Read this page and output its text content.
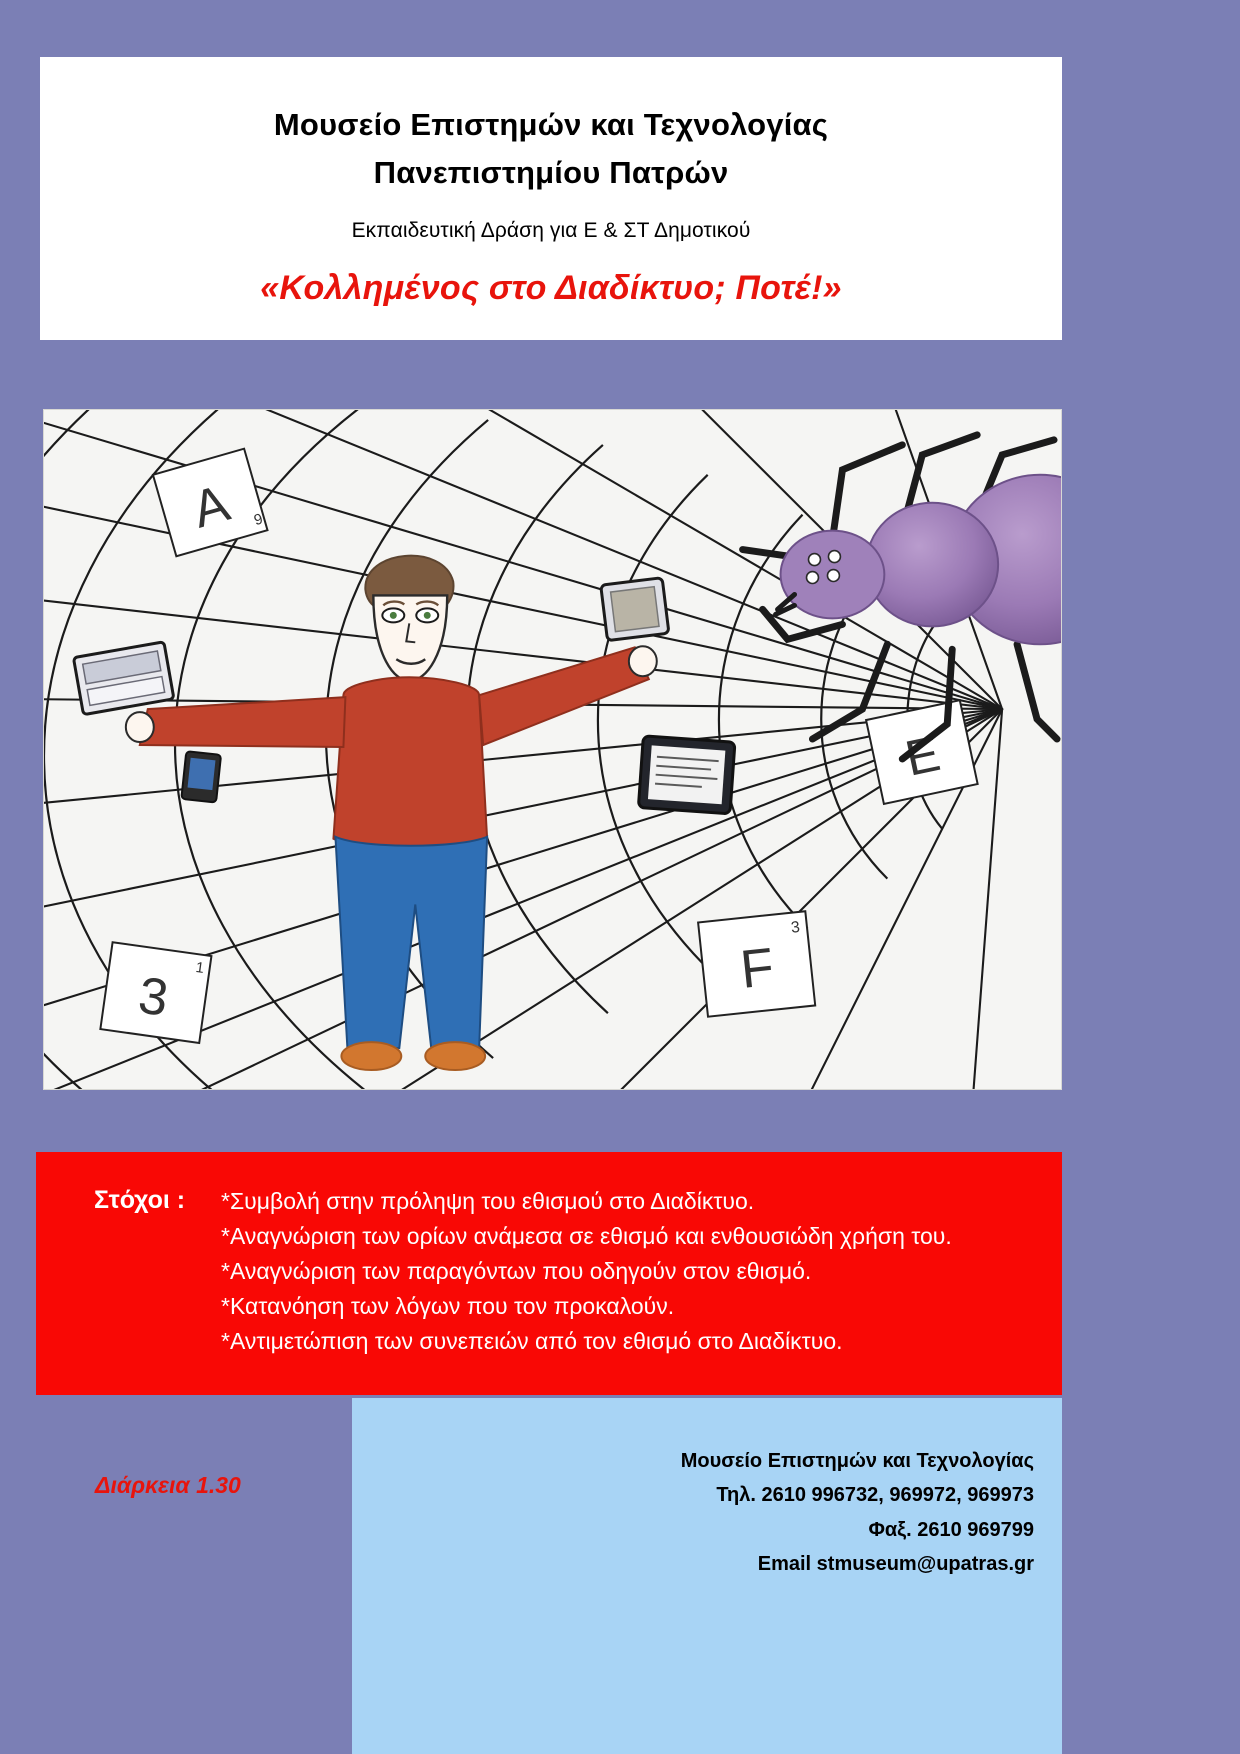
Μουσείο Επιστημών και Τεχνολογίας
Πανεπιστημίου Πατρών
Εκπαιδευτική Δράση για Ε & ΣΤ Δημοτικού
«Κολλημένος στο Διαδίκτυο; Ποτέ!»
A 9
3 1
E
F
3
Στόχοι :	*Συμβολή στην πρόληψη του εθισμού στο Διαδίκτυο.
*Αναγνώριση των ορίων ανάμεσα σε εθισμό και ενθουσιώδη χρήση του.
*Αναγνώριση των παραγόντων που οδηγούν στον εθισμό.
*Κατανόηση των λόγων που τον προκαλούν.
*Αντιμετώπιση των συνεπειών από τον εθισμό στο Διαδίκτυο.
Μουσείο Επιστημών και Τεχνολογίας
Τηλ. 2610 996732, 969972, 969973
Φαξ. 2610 969799
Email stmuseum@upatras.gr
Διάρκεια 1.30
